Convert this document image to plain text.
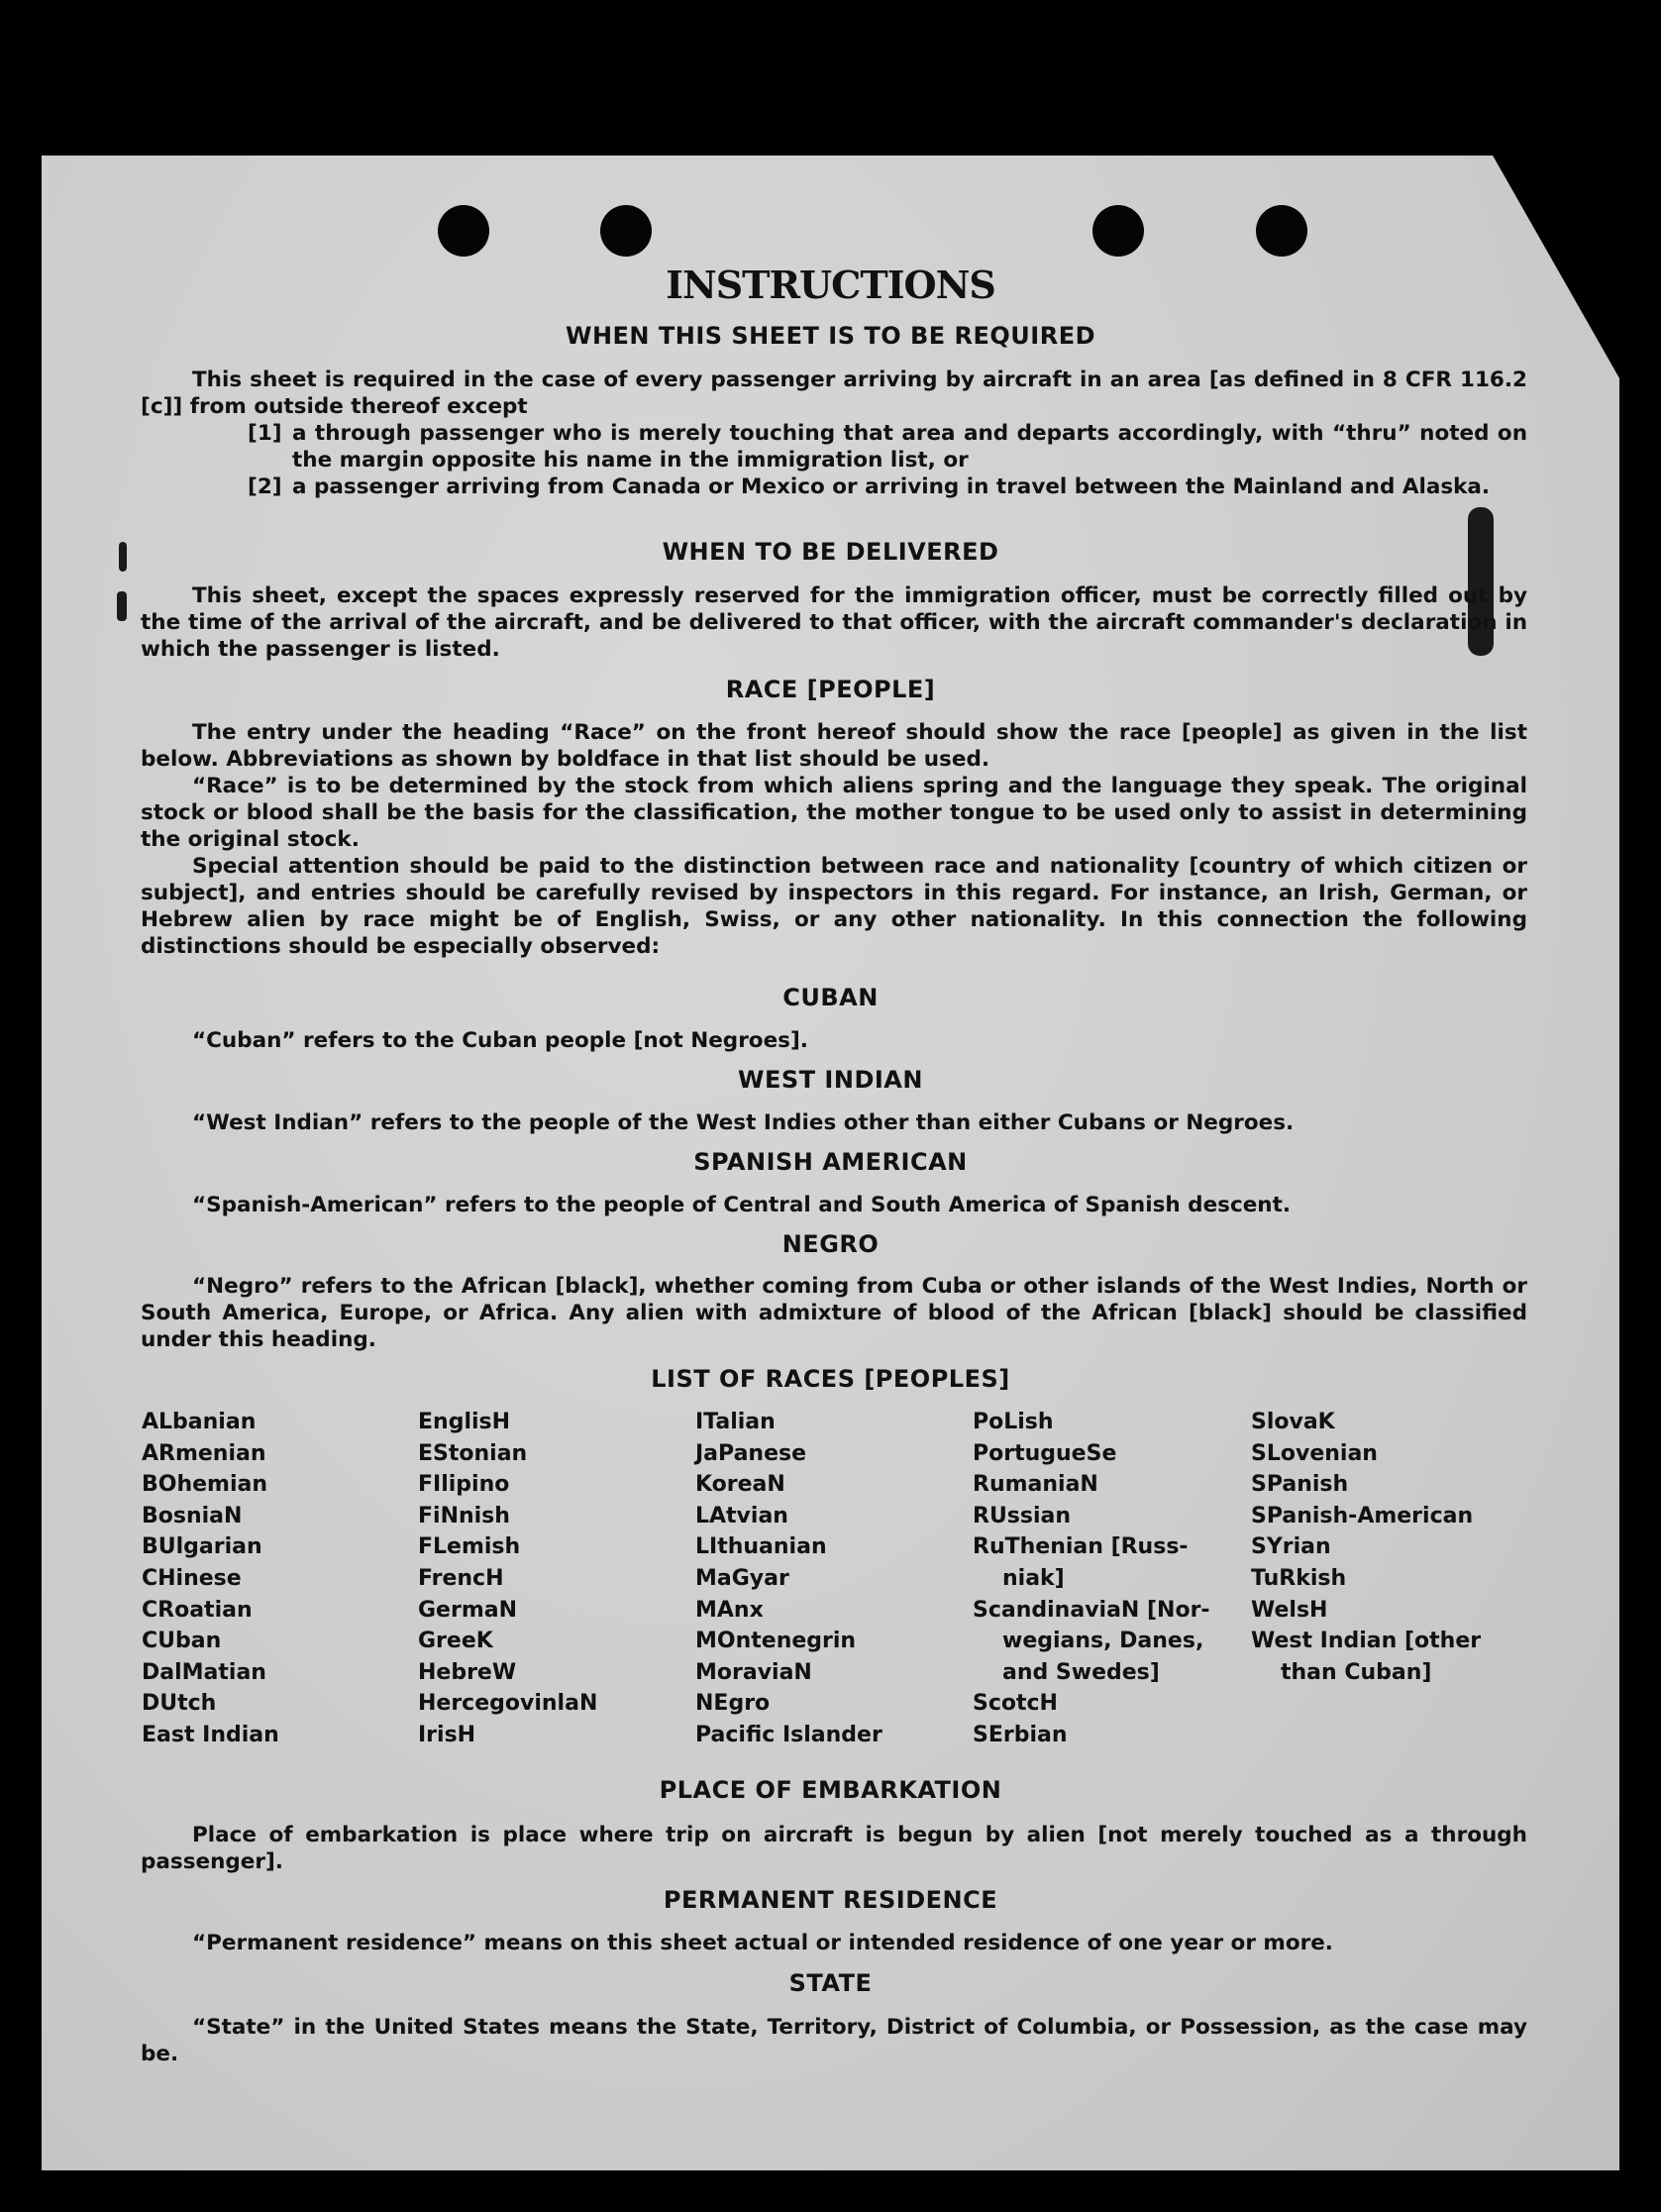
INSTRUCTIONS
WHEN THIS SHEET IS TO BE REQUIRED
This sheet is required in the case of every passenger arriving by aircraft in an area [as defined in 8 CFR 116.2 [c]] from outside thereof except
[1] a through passenger who is merely touching that area and departs accordingly, with “thru” noted on the margin opposite his name in the immigration list, or
[2] a passenger arriving from Canada or Mexico or arriving in travel between the Mainland and Alaska.
WHEN TO BE DELIVERED
This sheet, except the spaces expressly reserved for the immigration officer, must be correctly filled out by the time of the arrival of the aircraft, and be delivered to that officer, with the aircraft commander's declaration in which the passenger is listed.
RACE [PEOPLE]
The entry under the heading “Race” on the front hereof should show the race [people] as given in the list below. Abbreviations as shown by boldface in that list should be used.
“Race” is to be determined by the stock from which aliens spring and the language they speak. The original stock or blood shall be the basis for the classification, the mother tongue to be used only to assist in determining the original stock.
Special attention should be paid to the distinction between race and nationality [country of which citizen or subject], and entries should be carefully revised by inspectors in this regard. For instance, an Irish, German, or Hebrew alien by race might be of English, Swiss, or any other nationality. In this connection the following distinctions should be especially observed:
CUBAN
“Cuban” refers to the Cuban people [not Negroes].
WEST INDIAN
“West Indian” refers to the people of the West Indies other than either Cubans or Negroes.
SPANISH AMERICAN
“Spanish-American” refers to the people of Central and South America of Spanish descent.
NEGRO
“Negro” refers to the African [black], whether coming from Cuba or other islands of the West Indies, North or South America, Europe, or Africa. Any alien with admixture of blood of the African [black] should be classified under this heading.
LIST OF RACES [PEOPLES]
ALbanian
ARmenian
BOhemian
BosniaN
BUlgarian
CHinese
CRoatian
CUban
DalMatian
DUtch
East Indian
EnglisH
EStonian
FIlipino
FiNnish
FLemish
FrencH
GermaN
GreeK
HebreW
HercegovinlaN
IrisH
ITalian
JaPanese
KoreaN
LAtvian
LIthuanian
MaGyar
MAnx
MOntenegrin
MoraviaN
NEgro
Pacific Islander
PoLish
PortugueSe
RumaniaN
RUssian
RuThenian [Russ-
niak]
ScandinaviaN [Nor-
wegians, Danes,
and Swedes]
ScotcH
SErbian
SlovaK
SLovenian
SPanish
SPanish-American
SYrian
TuRkish
WelsH
West Indian [other
than Cuban]
PLACE OF EMBARKATION
Place of embarkation is place where trip on aircraft is begun by alien [not merely touched as a through passenger].
PERMANENT RESIDENCE
“Permanent residence” means on this sheet actual or intended residence of one year or more.
STATE
“State” in the United States means the State, Territory, District of Columbia, or Possession, as the case may be.
